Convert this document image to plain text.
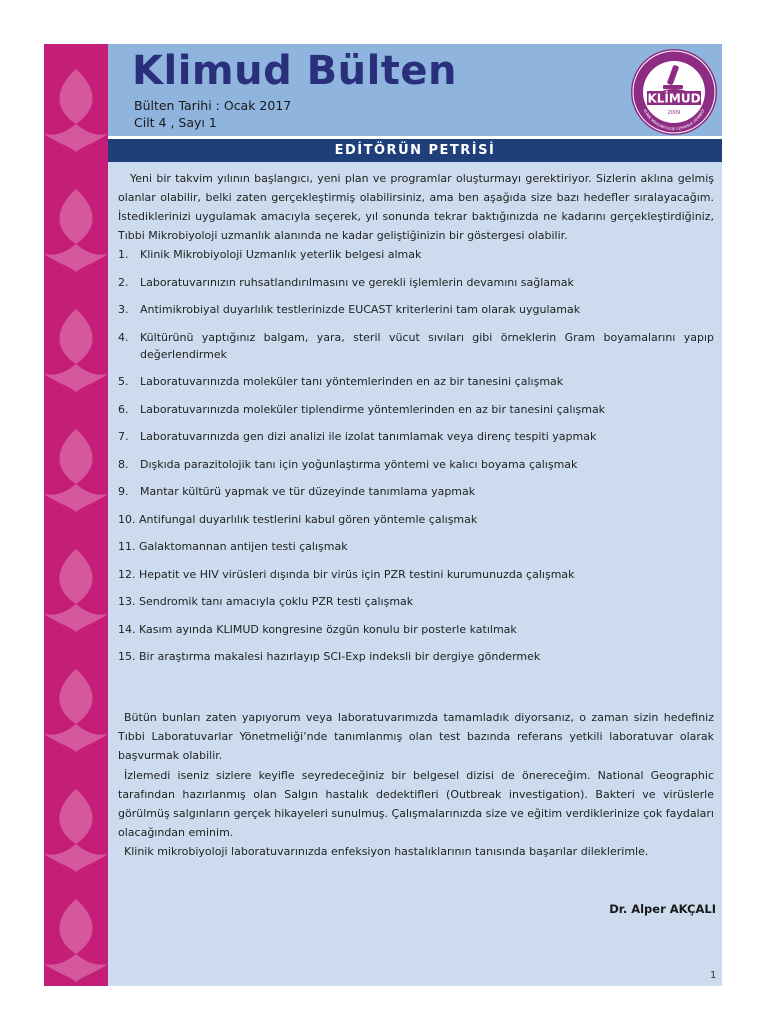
Klimud Bülten
Bülten Tarihi : Ocak 2017
Cilt 4 , Sayı 1
KLİMUD
2009
KLİNİK MİKROBİYOLOJİ UZMANLIK DERNEĞİ
EDİTÖRÜN PETRİSİ

Yeni bir takvim yılının başlangıcı, yeni plan ve programlar oluşturmayı gerektiriyor. Sizlerin aklına gelmiş olanlar olabilir, belki zaten gerçekleştirmiş olabilirsiniz, ama ben aşağıda size bazı hedefler sıralayacağım. İstediklerinizi uygulamak amacıyla seçerek, yıl sonunda tekrar baktığınızda ne kadarını gerçekleştirdiğiniz, Tıbbi Mikrobiyoloji uzmanlık alanında ne kadar geliştiğinizin bir göstergesi olabilir.

1. Klinik Mikrobiyoloji Uzmanlık yeterlik belgesi almak
2. Laboratuvarınızın ruhsatlandırılmasını ve gerekli işlemlerin devamını sağlamak
3. Antimikrobiyal duyarlılık testlerinizde EUCAST kriterlerini tam olarak uygulamak
4. Kültürünü yaptığınız balgam, yara, steril vücut sıvıları gibi örneklerin Gram boyamalarını yapıp değerlendirmek
5. Laboratuvarınızda moleküler tanı yöntemlerinden en az bir tanesini çalışmak
6. Laboratuvarınızda moleküler tiplendirme yöntemlerinden en az bir tanesini çalışmak
7. Laboratuvarınızda gen dizi analizi ile izolat tanımlamak veya direnç tespiti yapmak
8. Dışkıda parazitolojik tanı için yoğunlaştırma yöntemi ve kalıcı boyama çalışmak
9. Mantar kültürü yapmak ve tür düzeyinde tanımlama yapmak
10. Antifungal duyarlılık testlerini kabul gören yöntemle çalışmak
11. Galaktomannan antijen testi çalışmak
12. Hepatit ve HIV virüsleri dışında bir virüs için PZR testini kurumunuzda çalışmak
13. Sendromik tanı amacıyla çoklu PZR testi çalışmak
14. Kasım ayında KLIMUD kongresine özgün konulu bir posterle katılmak
15. Bir araştırma makalesi hazırlayıp SCI-Exp indeksli bir dergiye göndermek

Bütün bunları zaten yapıyorum veya laboratuvarımızda tamamladık diyorsanız, o zaman sizin hedefiniz Tıbbi Laboratuvarlar Yönetmeliği’nde tanımlanmış olan test bazında referans yetkili laboratuvar olarak başvurmak olabilir.

İzlemedi iseniz sizlere keyifle seyredeceğiniz bir belgesel dizisi de önereceğim. National Geographic tarafından hazırlanmış olan Salgın hastalık dedektifleri (Outbreak investigation). Bakteri ve virüslerle görülmüş salgınların gerçek hikayeleri sunulmuş. Çalışmalarınızda size ve eğitim verdiklerinize çok faydaları olacağından eminim.

Klinik mikrobiyoloji laboratuvarınızda enfeksiyon hastalıklarının tanısında başarılar dileklerimle.

Dr. Alper AKÇALI
1
